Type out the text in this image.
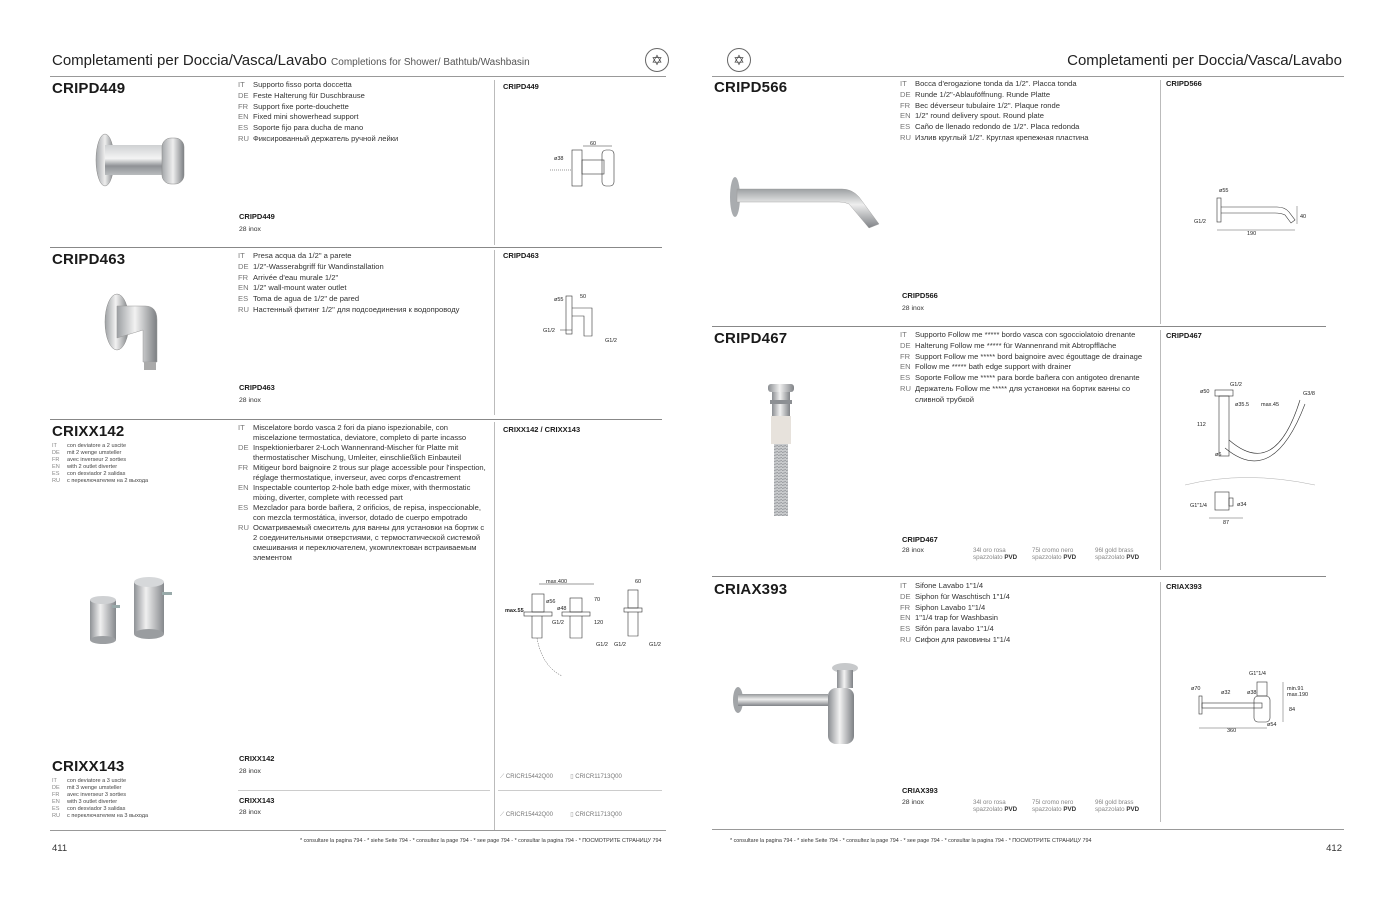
Completamenti per Doccia/Vasca/Lavabo Completions for Shower/ Bathtub/Washbasin	✡
CRIPD449	IT	Supporto fisso porta doccetta
DE Feste Halterung für Duschbrause
FR Support fixe porte-douchette
EN Fixed mini showerhead support
ES Soporte fijo para ducha de mano
RU Фиксированный держатель ручной лейки
CRIPD449
CRIPD449
28 inox
60
ø38
CRIPD463	IT	Presa acqua da 1/2" a parete
DE 1/2"-Wasserabgriff für Wandinstallation
FR Arrivée d'eau murale 1/2"
EN 1/2" wall-mount water outlet
ES Toma de agua de 1/2" de pared
RU Настенный фитинг 1/2" для подсоединения к водопроводу
CRIPD463
CRIPD463
28 inox
ø55	50
G1/2
G1/2
CRIXX142
IT	con deviatore a 2 uscite
DE	mit 2 wenge umsteller
FR	avec inverseur 2 sorties
EN	with 2 outlet diverter
ES	con desviador 2 salidas
RU	с переключателем на 2 выхода
IT	Miscelatore bordo vasca 2 fori da piano ispezionabile, con miscelazione termostatica, deviatore, completo di parte incasso
DE Inspektionierbarer 2-Loch Wannenrand-Mischer für Platte mit thermostatischer Mischung, Umleiter, einschließlich Einbauteil
FR Mitigeur bord baignoire 2 trous sur plage accessible pour l'inspection, réglage thermostatique, inverseur, avec corps d'encastrement
EN Inspectable countertop 2-hole bath edge mixer, with thermostatic mixing, diverter, complete with recessed part
ES Mezclador para borde bañera, 2 orificios, de repisa, inspeccionable, con mezcla termostática, inversor, dotado de cuerpo empotrado
RU Осматриваемый смеситель для ванны для установки на бортик с 2 соединительными отверстиями, с термостатической системой смешивания и переключателем, укомплектован встраиваемым элементом
CRIXX142 / CRIXX143
max.400
ø56	70
max.55	ø48
120
G1/2
G1/2 G1/2	G1/2
60
CRIXX143
IT	con deviatore a 3 uscite
DE	mit 3 wenge umsteller
FR	avec inverseur 3 sorties
EN	with 3 outlet diverter
ES	con desviador 3 salidas
RU	с переключателем на 3 выхода
CRIXX142
28 inox
CRIXX143
28 inox
⟋ CRICR15442Q00	▯ CRICR11713Q00
⟋ CRICR15442Q00	▯ CRICR11713Q00
* consultare la pagina 794 - * siehe Seite 794 - * consultez la page 794 - * see page 794 - * consultar la pagina 794 - * ПОСМОТРИТЕ СТРАНИЦУ 794
411
✡	Completamenti per Doccia/Vasca/Lavabo
CRIPD566	IT	Bocca d'erogazione tonda da 1/2". Placca tonda
DE Runde 1/2"-Ablauföffnung. Runde Platte
FR Bec déverseur tubulaire 1/2". Plaque ronde
EN 1/2" round delivery spout. Round plate
ES Caño de llenado redondo de 1/2". Placa redonda
RU Излив круглый 1/2". Круглая крепежная пластина
CRIPD566
CRIPD566
28 inox
ø55
G1/2
190
40
CRIPD467	IT	Supporto Follow me ***** bordo vasca con sgocciolatoio drenante
DE Halterung Follow me ***** für Wannenrand mit Abtropffläche
FR Support Follow me ***** bord baignoire avec égouttage de drainage
EN Follow me ***** bath edge support with drainer
ES Soporte Follow me ***** para borde bañera con antigoteo drenante
RU Держатель Follow me ***** для установки на бортик ванны со сливной трубкой
CRIPD467
CRIPD467
28 inox	34l oro rosa
spazzolato PVD
75l cromo nero
spazzolato PVD
96l gold brass
spazzolato PVD
ø50
G1/2
G3/8
ø35.5 max.45
112
ø6
G1"1/4	ø34
87
CRIAX393	IT	Sifone Lavabo 1"1/4
DE Siphon für Waschtisch 1"1/4
FR Siphon Lavabo 1"1/4
EN 1"1/4 trap for Washbasin
ES Sifón para lavabo 1"1/4
RU Сифон для раковины 1"1/4
CRIAX393
CRIAX393
28 inox	34l oro rosa
spazzolato PVD
75l cromo nero
spazzolato PVD
96l gold brass
spazzolato PVD
G1"1/4
ø70
ø32	ø38
min.91
max.190
84
360
ø54
* consultare la pagina 794 - * siehe Seite 794 - * consultez la page 794 - * see page 794 - * consultar la pagina 794 - * ПОСМОТРИТЕ СТРАНИЦУ 794
412
